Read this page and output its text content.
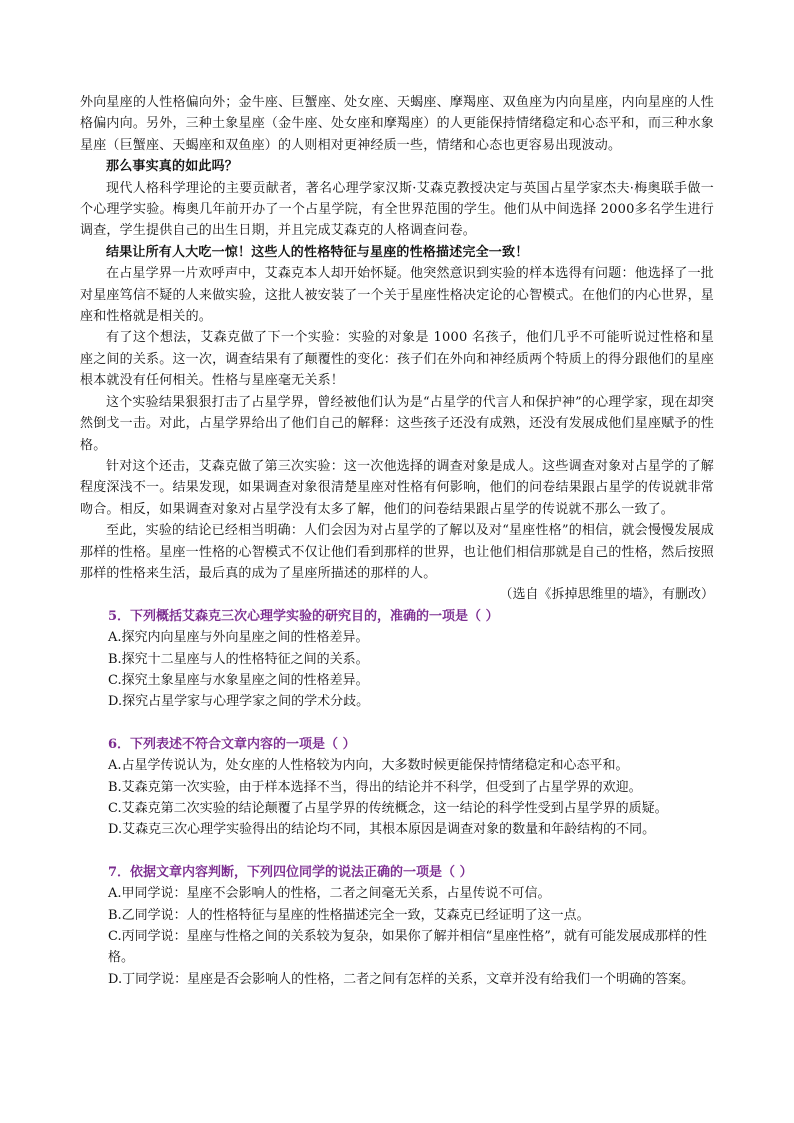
外向星座的人性格偏向外；金牛座、巨蟹座、处女座、天蝎座、摩羯座、双鱼座为内向星座，内向星座的人性格偏内向。另外，三种土象星座（金牛座、处女座和摩羯座）的人更能保持情绪稳定和心态平和，而三种水象星座（巨蟹座、天蝎座和双鱼座）的人则相对更神经质一些，情绪和心态也更容易出现波动。

那么事实真的如此吗？

现代人格科学理论的主要贡献者，著名心理学家汉斯·艾森克教授决定与英国占星学家杰夫·梅奥联手做一个心理学实验。梅奥几年前开办了一个占星学院，有全世界范围的学生。他们从中间选择 2000多名学生进行调查，学生提供自己的出生日期，并且完成艾森克的人格调查问卷。

结果让所有人大吃一惊！这些人的性格特征与星座的性格描述完全一致！

在占星学界一片欢呼声中，艾森克本人却开始怀疑。他突然意识到实验的样本选得有问题：他选择了一批对星座笃信不疑的人来做实验，这批人被安装了一个关于星座性格决定论的心智模式。在他们的内心世界，星座和性格就是相关的。

有了这个想法，艾森克做了下一个实验：实验的对象是 1000 名孩子，他们几乎不可能听说过性格和星座之间的关系。这一次，调查结果有了颠覆性的变化：孩子们在外向和神经质两个特质上的得分跟他们的星座根本就没有任何相关。性格与星座毫无关系！

这个实验结果狠狠打击了占星学界，曾经被他们认为是“占星学的代言人和保护神”的心理学家，现在却突然倒戈一击。对此，占星学界给出了他们自己的解释：这些孩子还没有成熟，还没有发展成他们星座赋予的性格。

针对这个还击，艾森克做了第三次实验：这一次他选择的调查对象是成人。这些调查对象对占星学的了解程度深浅不一。结果发现，如果调查对象很清楚星座对性格有何影响，他们的问卷结果跟占星学的传说就非常吻合。相反，如果调查对象对占星学没有太多了解，他们的问卷结果跟占星学的传说就不那么一致了。

至此，实验的结论已经相当明确：人们会因为对占星学的了解以及对“星座性格”的相信，就会慢慢发展成那样的性格。星座一性格的心智模式不仅让他们看到那样的世界，也让他们相信那就是自己的性格，然后按照那样的性格来生活，最后真的成为了星座所描述的那样的人。

（选自《拆掉思维里的墙》，有删改）

5．下列概括艾森克三次心理学实验的研究目的，准确的一项是（ ）

A.探究内向星座与外向星座之间的性格差异。

B.探究十二星座与人的性格特征之间的关系。

C.探究土象星座与水象星座之间的性格差异。

D.探究占星学家与心理学家之间的学术分歧。

6．下列表述不符合文章内容的一项是（ ）

A.占星学传说认为，处女座的人性格较为内向，大多数时候更能保持情绪稳定和心态平和。

B.艾森克第一次实验，由于样本选择不当，得出的结论并不科学，但受到了占星学界的欢迎。

C.艾森克第二次实验的结论颠覆了占星学界的传统概念，这一结论的科学性受到占星学界的质疑。

D.艾森克三次心理学实验得出的结论均不同，其根本原因是调查对象的数量和年龄结构的不同。

7．依据文章内容判断，下列四位同学的说法正确的一项是（ ）

A.甲同学说：星座不会影响人的性格，二者之间毫无关系，占星传说不可信。

B.乙同学说：人的性格特征与星座的性格描述完全一致，艾森克已经证明了这一点。

C.丙同学说：星座与性格之间的关系较为复杂，如果你了解并相信“星座性格”，就有可能发展成那样的性格。

D.丁同学说：星座是否会影响人的性格，二者之间有怎样的关系，文章并没有给我们一个明确的答案。
